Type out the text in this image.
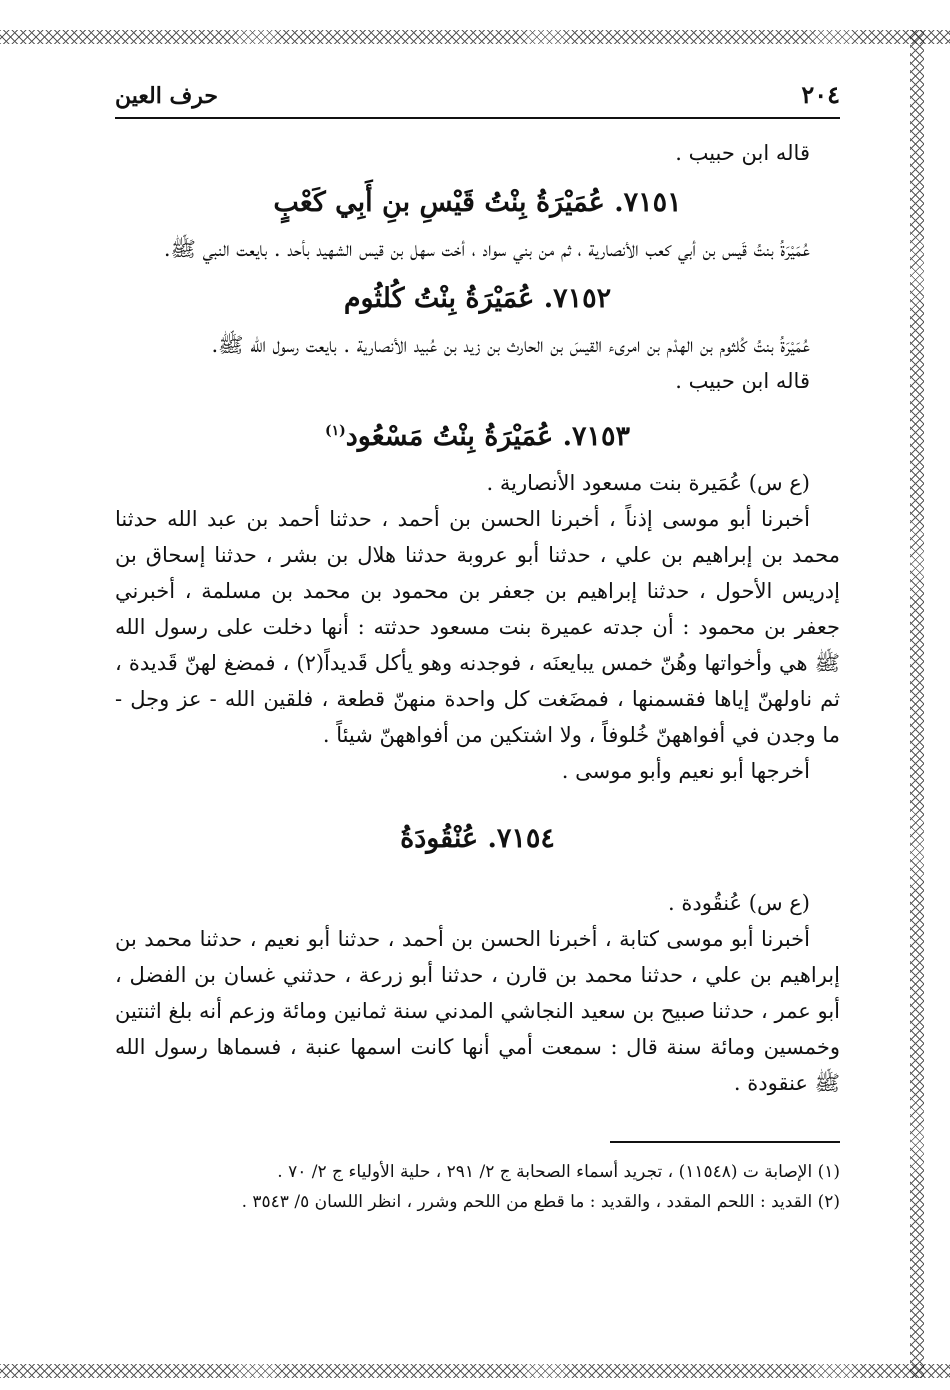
٢٠٤
حرف العين

قاله ابن حبيب .

٧١٥١. عُمَيْرَةُ بِنْتُ قَيْسِ بنِ أَبِي كَعْبٍ

عُمَيْرَةُ بنتُ قَيس بن أبي كعب الأنصارية ، ثم من بني سواد ، أخت سهل بن قيس الشهيد بأحد . بايعت النبي ﷺ.

٧١٥٢. عُمَيْرَةُ بِنْتُ كُلثُوم

عُمَيْرَةُ بنتُ كُلثوم بن الهدْم بن امرىء القيسَ بن الحارث بن زيد بن عُبيد الأنصارية . بايعت رسول الله ﷺ.

قاله ابن حبيب .

٧١٥٣. عُمَيْرَةُ بِنْتُ مَسْعُود$^{(١)}$

(ع س) عُمَيرة بنت مسعود الأنصارية .

أخبرنا أبو موسى إذناً ، أخبرنا الحسن بن أحمد ، حدثنا أحمد بن عبد الله حدثنا محمد بن إبراهيم بن علي ، حدثنا أبو عروبة حدثنا هلال بن بشر ، حدثنا إسحاق بن إدريس الأحول ، حدثنا إبراهيم بن جعفر بن محمود بن محمد بن مسلمة ، أخبرني جعفر بن محمود : أن جدته عميرة بنت مسعود حدثته : أنها دخلت على رسول الله ﷺ هي وأخواتها وهُنّ خمس يبايعنَه ، فوجدنه وهو يأكل قَديداً(٢) ، فمضغ لهنّ قَديدة ، ثم ناولهنّ إياها فقسمنها ، فمضَغت كل واحدة منهنّ قطعة ، فلقين الله - عز وجل - ما وجدن في أفواههنّ خُلوفاً ، ولا اشتكين من أفواههنّ شيئاً .

أخرجها أبو نعيم وأبو موسى .

٧١٥٤. عُنْقُودَةُ

(ع س) عُنقُودة .

أخبرنا أبو موسى كتابة ، أخبرنا الحسن بن أحمد ، حدثنا أبو نعيم ، حدثنا محمد بن إبراهيم بن علي ، حدثنا محمد بن قارن ، حدثنا أبو زرعة ، حدثني غسان بن الفضل ، أبو عمر ، حدثنا صبيح بن سعيد النجاشي المدني سنة ثمانين ومائة وزعم أنه بلغ اثنتين وخمسين ومائة سنة قال : سمعت أمي أنها كانت اسمها عنبة ، فسماها رسول الله ﷺ عنقودة .

(١) الإصابة ت (١١٥٤٨) ، تجريد أسماء الصحابة ج ٢/ ٢٩١ ، حلية الأولياء ج ٢/ ٧٠ .

(٢) القديد : اللحم المقدد ، والقديد : ما قطع من اللحم وشرر ، انظر اللسان ٥/ ٣٥٤٣ .
